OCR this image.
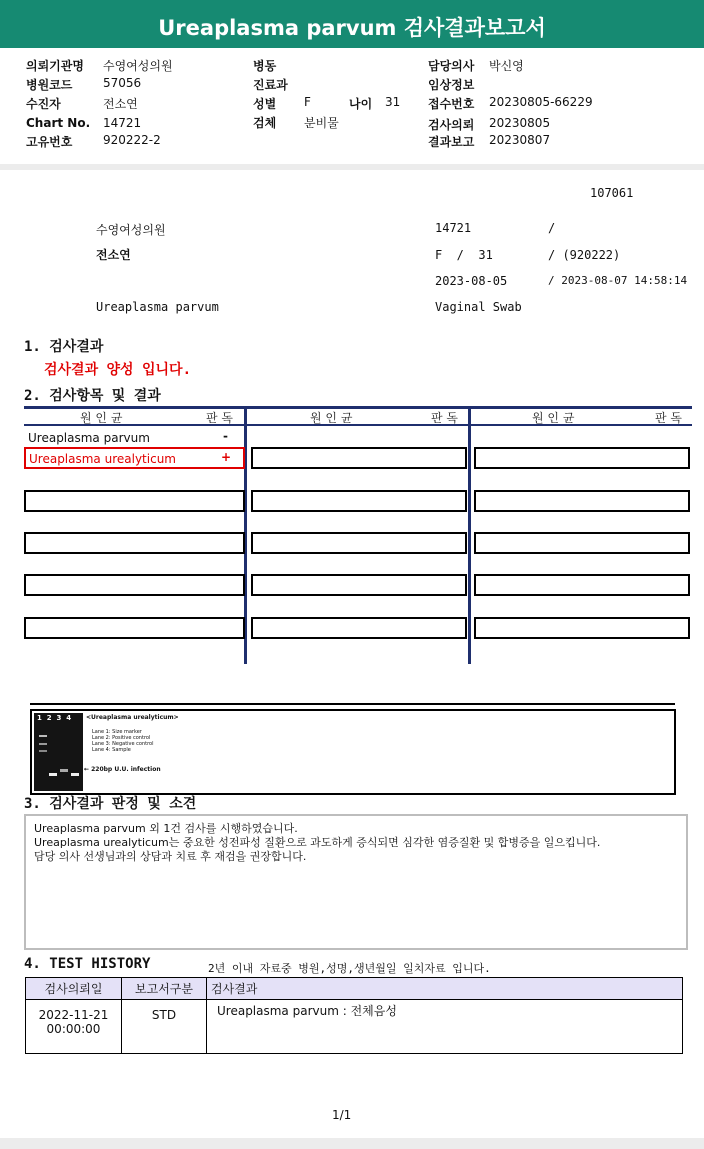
Ureaplasma parvum 검사결과보고서
의뢰기관명 수영여성의원
병원코드	57056
수진자	전소연
Chart No. 14721
고유번호	920222-2
병동
진료과
성별 F	나이 31
검체 분비물
담당의사 박신영
임상정보
접수번호 20230805-66229
검사의뢰 20230805
결과보고 20230807
107061
수영여성의원	14721	/
전소연	F  /  31	/ (920222)
2023-08-05	/ 2023-08-07 14:58:14
Ureaplasma parvum	Vaginal Swab
1. 검사결과
검사결과 양성 입니다.
2. 검사항목 및 결과
원 인 균	판 독	원 인 균	판 독	원 인 균	판 독
Ureaplasma parvum	-
Ureaplasma urealyticum	+
1  2  3  4 <Ureaplasma urealyticum>
Lane 1: Size marker
Lane 2: Positive control
Lane 3: Negative control
Lane 4: Sample
← 220bp U.U. infection
3. 검사결과 판정 및 소견
Ureaplasma parvum 외 1건 검사를 시행하였습니다.
Ureaplasma urealyticum는 중요한 성전파성 질환으로 과도하게 증식되면 심각한 염증질환 및 합병증을 일으킵니다.
담당 의사 선생님과의 상담과 치료 후 재검을 권장합니다.
4. TEST HISTORY	2년 이내 자료중 병원,성명,생년월일 일치자료 입니다.
검사의뢰일	보고서구분	검사결과

2022-11-21
00:00:00	STD	Ureaplasma parvum : 전체음성
1/1
